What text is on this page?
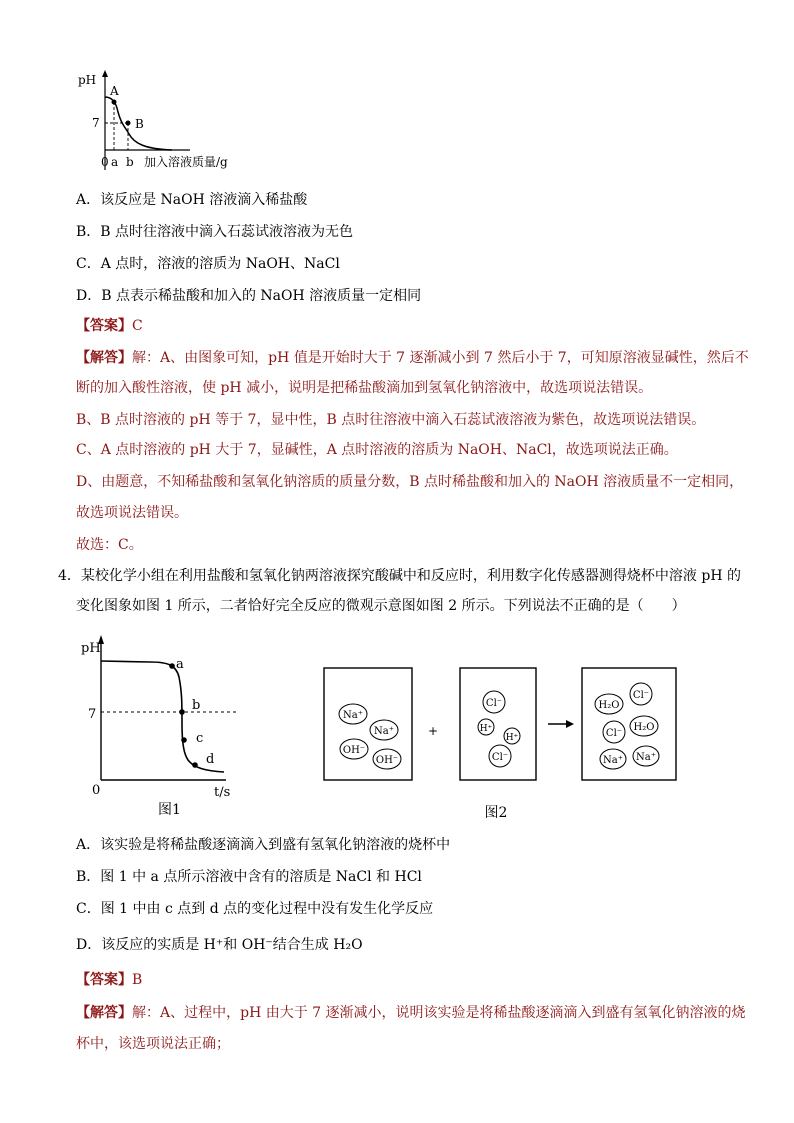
pH
A
B
7
0 a b 加入溶液质量/g
A．该反应是 NaOH 溶液滴入稀盐酸
B．B 点时往溶液中滴入石蕊试液溶液为无色
C．A 点时，溶液的溶质为 NaOH、NaCl
D．B 点表示稀盐酸和加入的 NaOH 溶液质量一定相同
【答案】C
【解答】解：A、由图象可知，pH 值是开始时大于 7 逐渐减小到 7 然后小于 7，可知原溶液显碱性，然后不
断的加入酸性溶液，使 pH 减小，说明是把稀盐酸滴加到氢氧化钠溶液中，故选项说法错误。
B、B 点时溶液的 pH 等于 7，显中性，B 点时往溶液中滴入石蕊试液溶液为紫色，故选项说法错误。
C、A 点时溶液的 pH 大于 7，显碱性，A 点时溶液的溶质为 NaOH、NaCl，故选项说法正确。
D、由题意，不知稀盐酸和氢氧化钠溶质的质量分数，B 点时稀盐酸和加入的 NaOH 溶液质量不一定相同，
故选项说法错误。
故选：C。
4．某校化学小组在利用盐酸和氢氧化钠两溶液探究酸碱中和反应时，利用数字化传感器测得烧杯中溶液 pH 的
变化图象如图 1 所示，二者恰好完全反应的微观示意图如图 2 所示。下列说法不正确的是（　　）
pH
7
0	t/s
a
b
c
d
图1
Na⁺
Na⁺
OH⁻
OH⁻
+
Cl⁻
H⁺
H⁺
Cl⁻
H₂O
Cl⁻
H₂O
Cl⁻
Na⁺ Na⁺
图2
A．该实验是将稀盐酸逐滴滴入到盛有氢氧化钠溶液的烧杯中
B．图 1 中 a 点所示溶液中含有的溶质是 NaCl 和 HCl
C．图 1 中由 c 点到 d 点的变化过程中没有发生化学反应
D．该反应的实质是 H⁺和 OH⁻结合生成 H₂O
【答案】B
【解答】解：A、过程中，pH 由大于 7 逐渐减小，说明该实验是将稀盐酸逐滴滴入到盛有氢氧化钠溶液的烧
杯中，该选项说法正确；
